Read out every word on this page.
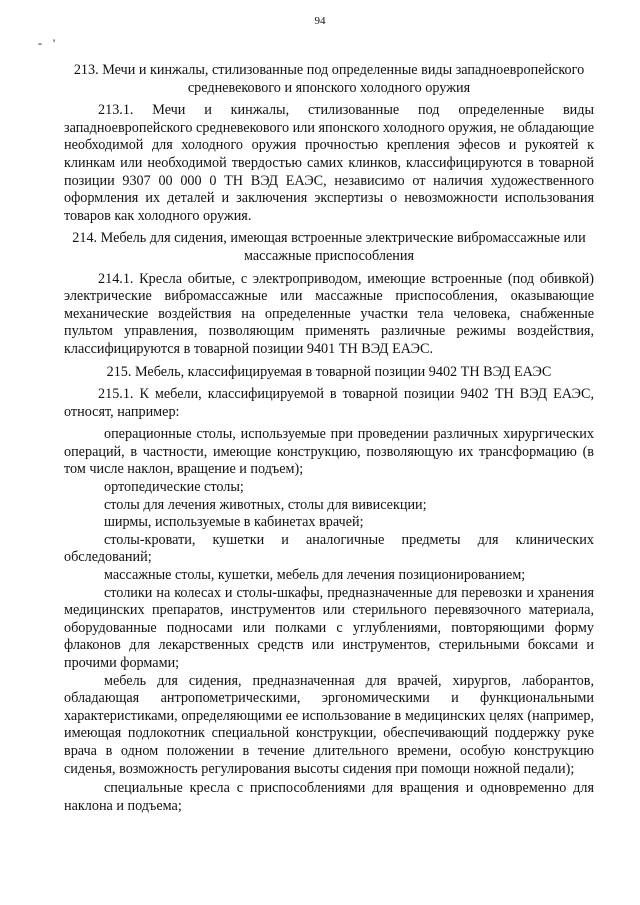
94
- '

213. Мечи и кинжалы, стилизованные под определенные виды западноевропейского средневекового и японского холодного оружия

213.1. Мечи и кинжалы, стилизованные под определенные виды западноевропейского средневекового или японского холодного оружия, не обладающие необходимой для холодного оружия прочностью крепления эфесов и рукоятей к клинкам или необходимой твердостью самих клинков, классифицируются в товарной позиции 9307 00 000 0 ТН ВЭД ЕАЭС, независимо от наличия художественного оформления их деталей и заключения экспертизы о невозможности использования товаров как холодного оружия.

214. Мебель для сидения, имеющая встроенные электрические вибромассажные или массажные приспособления

214.1. Кресла обитые, с электроприводом, имеющие встроенные (под обивкой) электрические вибромассажные или массажные приспособления, оказывающие механические воздействия на определенные участки тела человека, снабженные пультом управления, позволяющим применять различные режимы воздействия, классифицируются в товарной позиции 9401 ТН ВЭД ЕАЭС.

215. Мебель, классифицируемая в товарной позиции 9402 ТН ВЭД ЕАЭС

215.1. К мебели, классифицируемой в товарной позиции 9402 ТН ВЭД ЕАЭС, относят, например:

операционные столы, используемые при проведении различных хирургических операций, в частности, имеющие конструкцию, позволяющую их трансформацию (в том числе наклон, вращение и подъем);

ортопедические столы;

столы для лечения животных, столы для вивисекции;

ширмы, используемые в кабинетах врачей;

столы-кровати, кушетки и аналогичные предметы для клинических обследований;

массажные столы, кушетки, мебель для лечения позиционированием;

столики на колесах и столы-шкафы, предназначенные для перевозки и хранения медицинских препаратов, инструментов или стерильного перевязочного материала, оборудованные подносами или полками с углублениями, повторяющими форму флаконов для лекарственных средств или инструментов, стерильными боксами и прочими формами;

мебель для сидения, предназначенная для врачей, хирургов, лаборантов, обладающая антропометрическими, эргономическими и функциональными характеристиками, определяющими ее использование в медицинских целях (например, имеющая подлокотник специальной конструкции, обеспечивающий поддержку руке врача в одном положении в течение длительного времени, особую конструкцию сиденья, возможность регулирования высоты сидения при помощи ножной педали);

специальные кресла с приспособлениями для вращения и одновременно для наклона и подъема;
